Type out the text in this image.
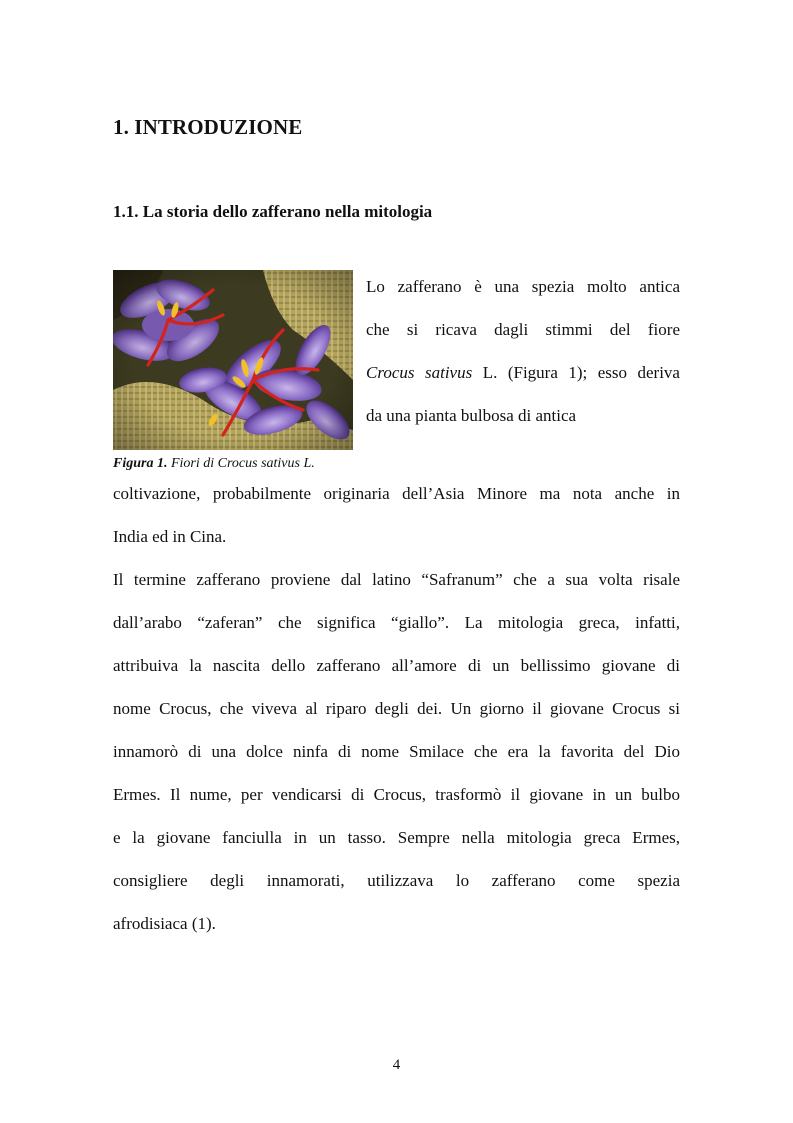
1. INTRODUZIONE
1.1. La storia dello zafferano nella mitologia
Figura 1. Fiori di Crocus sativus L.
Lo zafferano è una spezia molto antica
che si ricava dagli stimmi del fiore
Crocus sativus L. (Figura 1); esso deriva
da una pianta bulbosa di antica
coltivazione, probabilmente originaria dell’Asia Minore ma nota anche in
India ed in Cina.
Il termine zafferano proviene dal latino “Safranum” che a sua volta risale
dall’arabo “zaferan” che significa “giallo”. La mitologia greca, infatti,
attribuiva la nascita dello zafferano all’amore di un bellissimo giovane di
nome Crocus, che viveva al riparo degli dei. Un giorno il giovane Crocus si
innamorò di una dolce ninfa di nome Smilace che era la favorita del Dio
Ermes. Il nume, per vendicarsi di Crocus, trasformò il giovane in un bulbo
e la giovane fanciulla in un tasso. Sempre nella mitologia greca Ermes,
consigliere degli innamorati, utilizzava lo zafferano come spezia
afrodisiaca (1).
4
